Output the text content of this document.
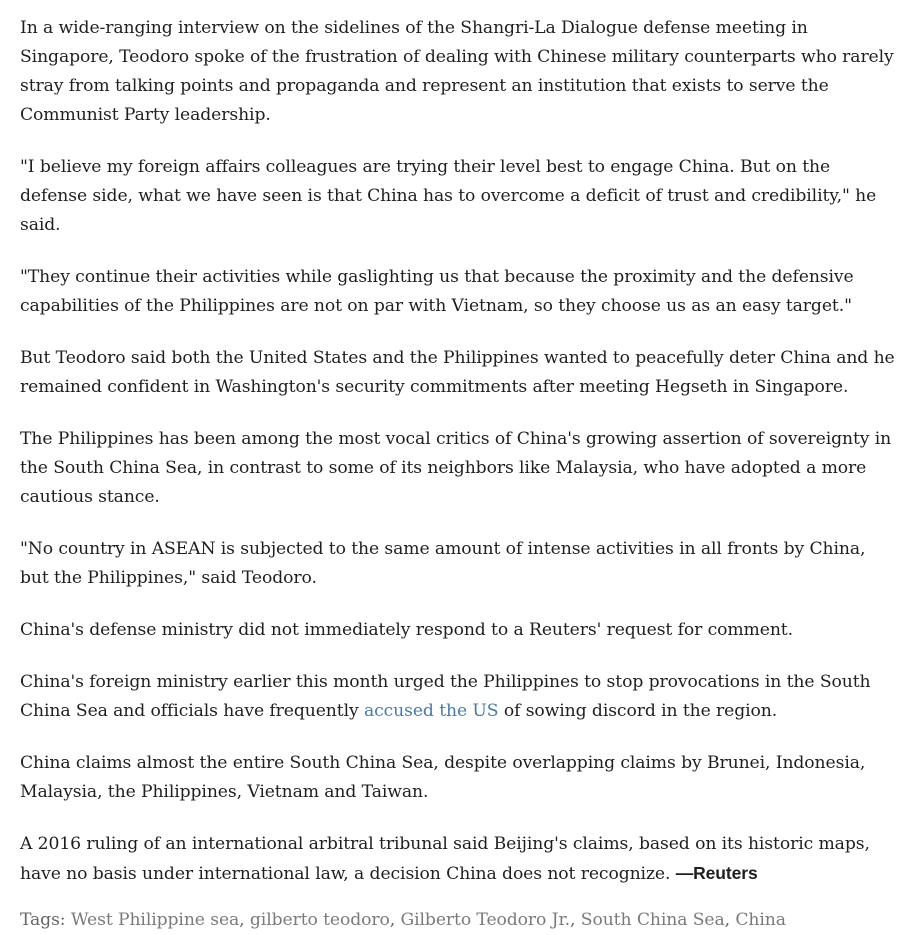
In a wide-ranging interview on the sidelines of the Shangri-La Dialogue defense meeting in Singapore, Teodoro spoke of the frustration of dealing with Chinese military counterparts who rarely stray from talking points and propaganda and represent an institution that exists to serve the Communist Party leadership.

"I believe my foreign affairs colleagues are trying their level best to engage China. But on the defense side, what we have seen is that China has to overcome a deficit of trust and credibility," he said.

"They continue their activities while gaslighting us that because the proximity and the defensive capabilities of the Philippines are not on par with Vietnam, so they choose us as an easy target."

But Teodoro said both the United States and the Philippines wanted to peacefully deter China and he remained confident in Washington's security commitments after meeting Hegseth in Singapore.

The Philippines has been among the most vocal critics of China's growing assertion of sovereignty in the South China Sea, in contrast to some of its neighbors like Malaysia, who have adopted a more cautious stance.

"No country in ASEAN is subjected to the same amount of intense activities in all fronts by China, but the Philippines," said Teodoro.

China's defense ministry did not immediately respond to a Reuters' request for comment.

China's foreign ministry earlier this month urged the Philippines to stop provocations in the South China Sea and officials have frequently accused the US of sowing discord in the region.

China claims almost the entire South China Sea, despite overlapping claims by Brunei, Indonesia, Malaysia, the Philippines, Vietnam and Taiwan.

A 2016 ruling of an international arbitral tribunal said Beijing's claims, based on its historic maps, have no basis under international law, a decision China does not recognize. —Reuters

Tags: West Philippine sea, gilberto teodoro, Gilberto Teodoro Jr., South China Sea, China
